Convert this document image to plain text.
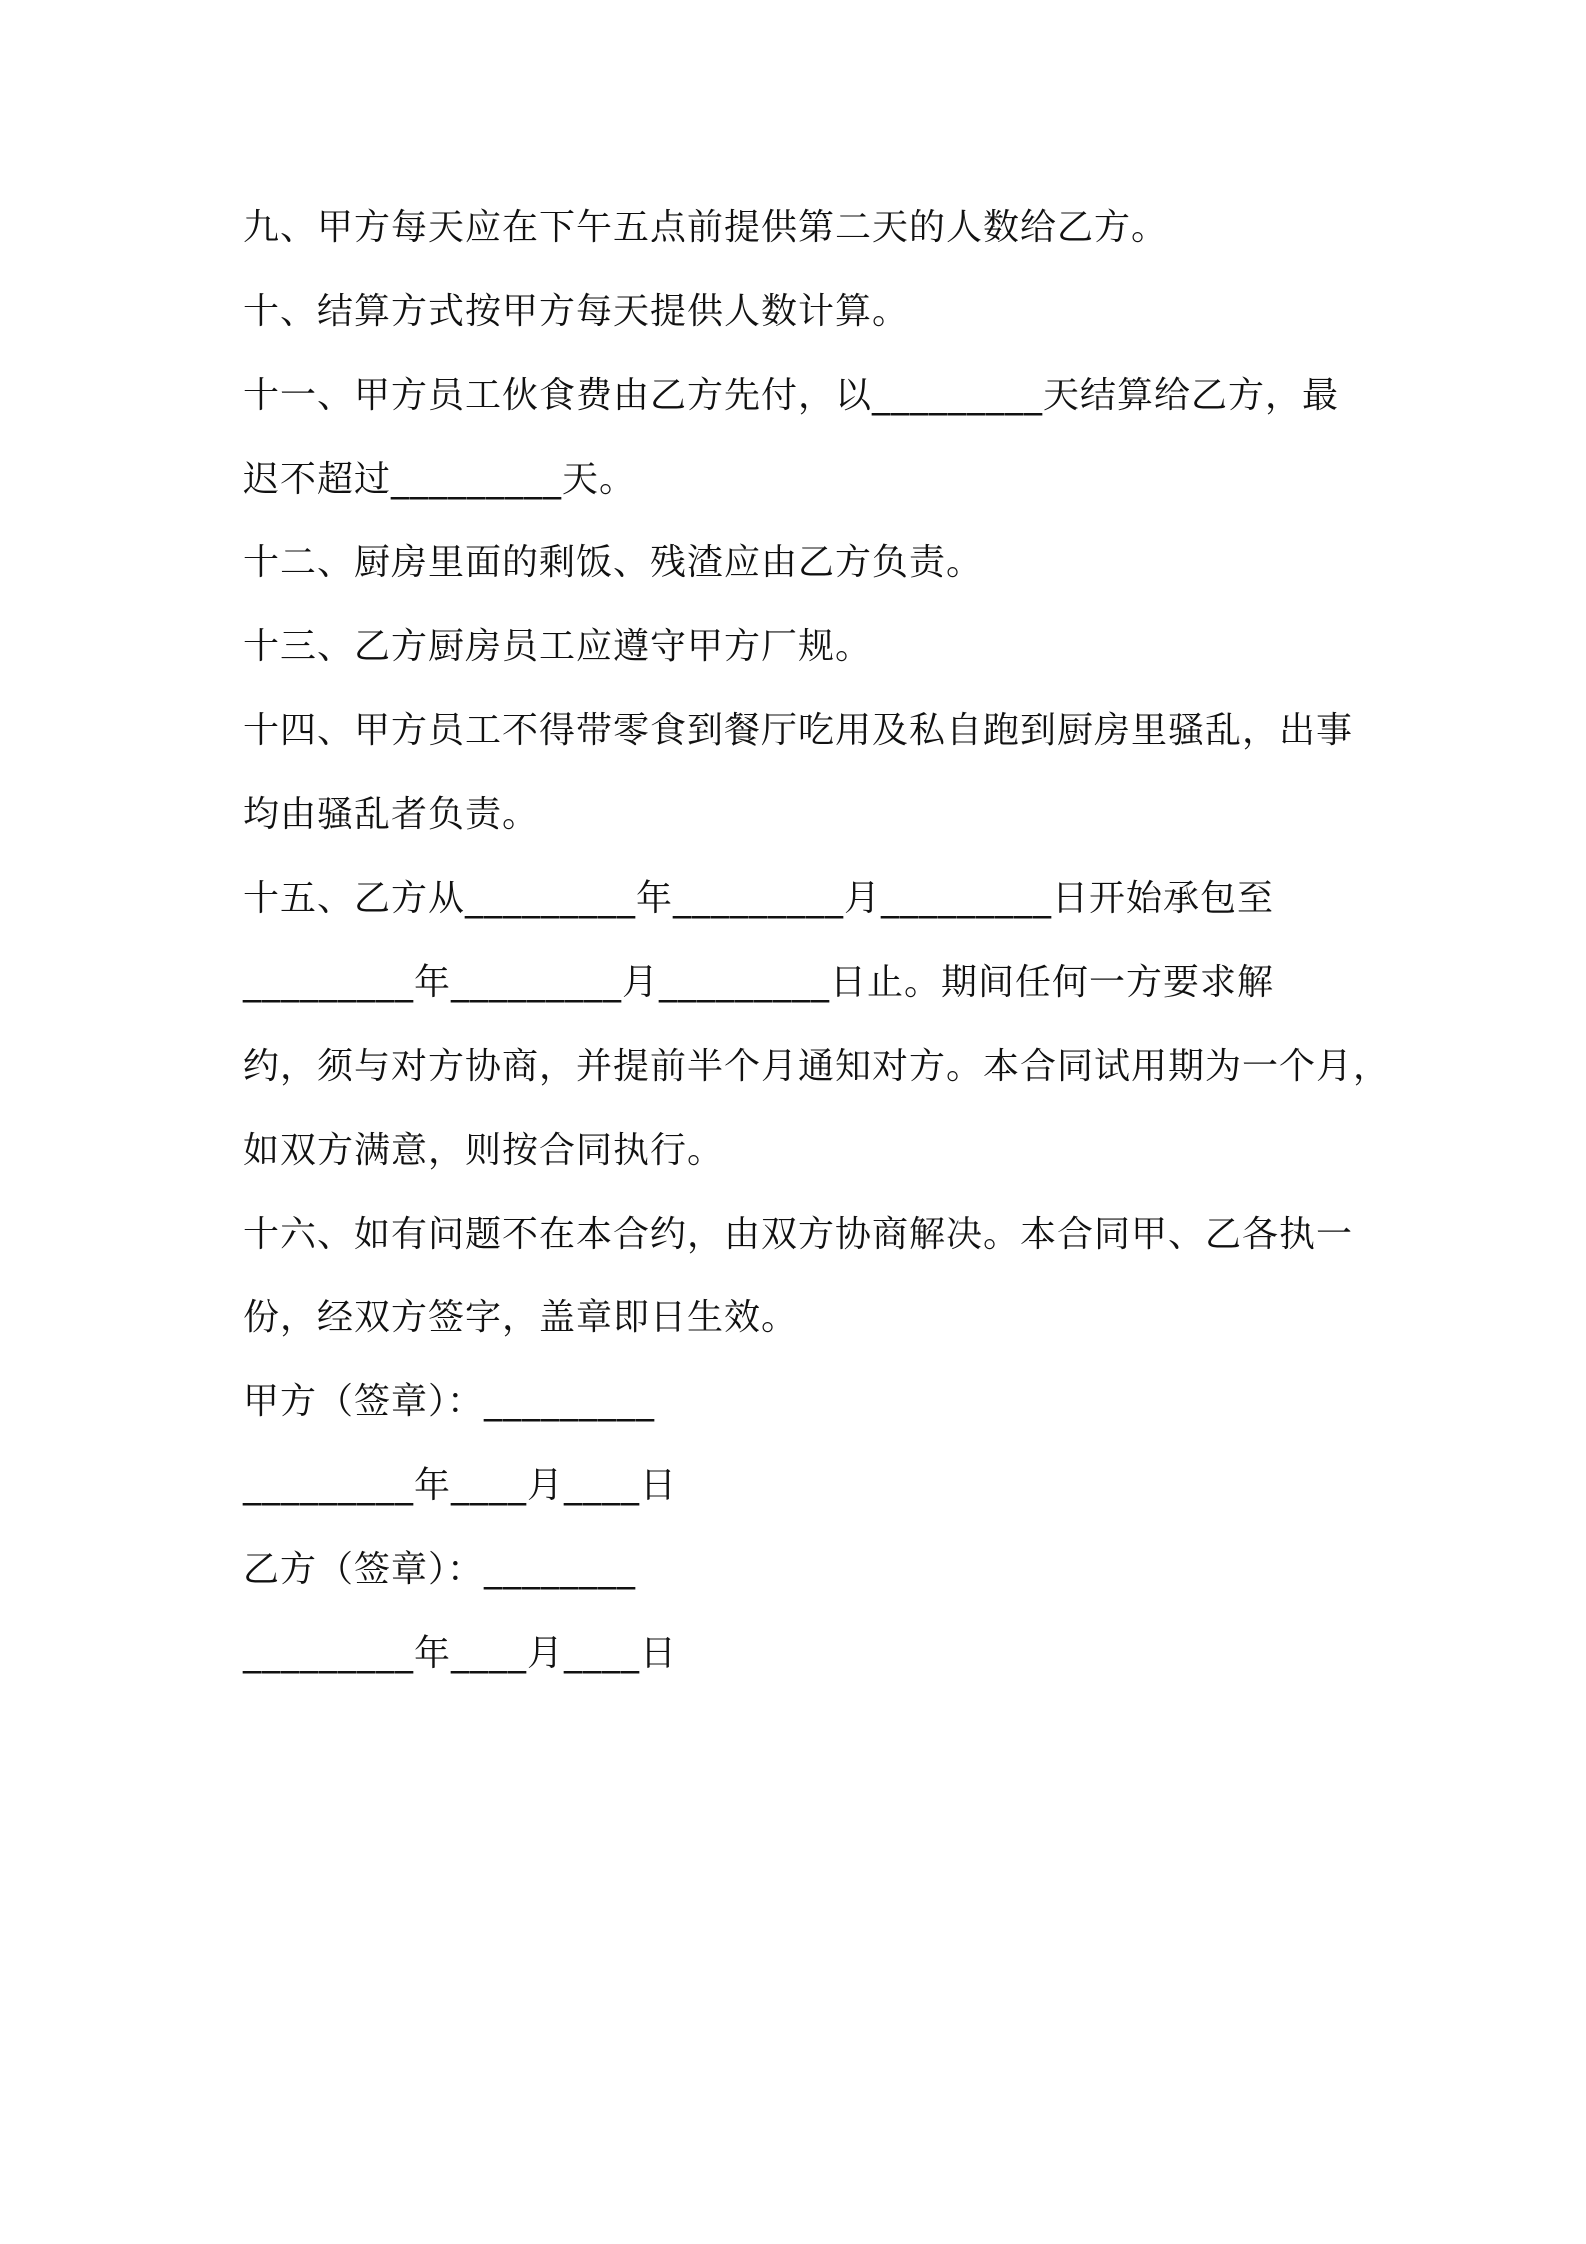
九、甲方每天应在下午五点前提供第二天的人数给乙方。
十、结算方式按甲方每天提供人数计算。
十一、甲方员工伙食费由乙方先付，以_________天结算给乙方，最
迟不超过_________天。
十二、厨房里面的剩饭、残渣应由乙方负责。
十三、乙方厨房员工应遵守甲方厂规。
十四、甲方员工不得带零食到餐厅吃用及私自跑到厨房里骚乱，出事
均由骚乱者负责。
十五、乙方从_________年_________月_________日开始承包至
_________年_________月_________日止。期间任何一方要求解
约，须与对方协商，并提前半个月通知对方。本合同试用期为一个月，
如双方满意，则按合同执行。
十六、如有问题不在本合约，由双方协商解决。本合同甲、乙各执一
份，经双方签字，盖章即日生效。
甲方（签章）：_________
_________年____月____日
乙方（签章）：________
_________年____月____日
